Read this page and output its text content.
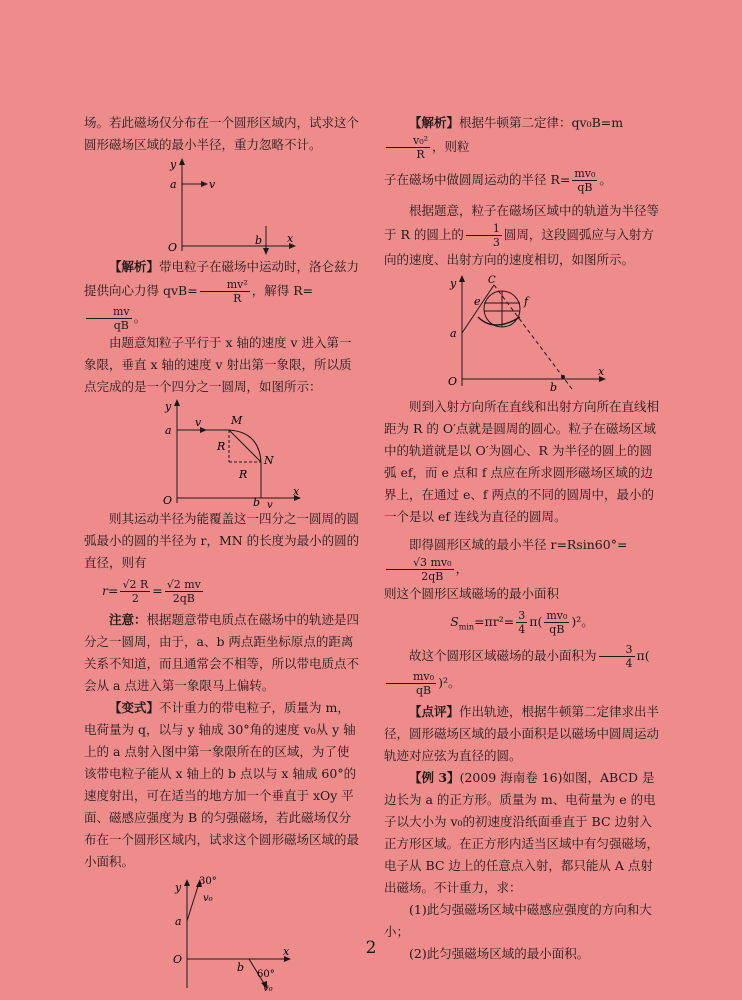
场。若此磁场仅分布在一个圆形区域内，试求这个圆形磁场区域的最小半径，重力忽略不计。

y
a	v
O
b x

【解析】带电粒子在磁场中运动时，洛仑兹力提供向心力得 $qvB= \frac{\text{mv²}}{R}$ ，解得 R=
$\frac{mv}{qB}$ 。

由题意知粒子平行于 x 轴的速度 v 进入第一象限，垂直 x 轴的速度 v 射出第一象限，所以质点完成的是一个四分之一圆周，如图所示：

y
a
v	M
R
N
R
O	b v
x

则其运动半径为能覆盖这一四分之一圆周的圆弧最小的圆的半径为 r，MN 的长度为最小的圆的直径，则有

$r= \frac{√2 R}{2} = \frac{√2 mv}{2qB}$

注意：根据题意带电质点在磁场中的轨迹是四分之一圆周，由于，a、b 两点距坐标原点的距离关系不知道，而且通常会不相等，所以带电质点不会从 a 点进入第一象限马上偏转。

【变式】不计重力的带电粒子，质量为 m，电荷量为 q，以与 y 轴成 30°角的速度 v₀从 y 轴上的 a 点射入图中第一象限所在的区域，为了使该带电粒子能从 x 轴上的 b 点以与 x 轴成 60°的速度射出，可在适当的地方加一个垂直于 xOy 平面、磁感应强度为 B 的匀强磁场，若此磁场仅分布在一个圆形区域内，试求这个圆形磁场区域的最小面积。

y 30°
v₀
a
O
b
x
60°
v₀

【解析】根据牛顿第二定律：qv₀B=m
$\frac{\text{v₀²}}{R}$ ，则粒

子在磁场中做圆周运动的半径 $R= \frac{\text{mv₀}}{qB}$ 。

根据题意，粒子在磁场区域中的轨道为半径等于 R 的圆上的 $\frac{1}{3}$ 圆周，这段圆弧应与入射方向的速度、出射方向的速度相切，如图所示。

y	C
e	f
a
O	b
x

则到入射方向所在直线和出射方向所在直线相距为 R 的 O′点就是圆周的圆心。粒子在磁场区域中的轨道就是以 O′为圆心、R 为半径的圆上的圆弧 ef，而 e 点和 f 点应在所求圆形磁场区域的边界上，在通过 e、f 两点的不同的圆周中，最小的一个是以 ef 连线为直径的圆周。

即得圆形区域的最小半径 r=Rsin60°=
$\frac{\text{√3 mv₀}}{2qB}$ ，

则这个圆形区域磁场的最小面积

$S_{min}=\pi r^2= \frac{3}{4} \pi( \frac{\text{mv₀}}{qB} )^2$。

故这个圆形区域磁场的最小面积为 $\frac{3}{4} \pi$(
$\frac{\text{mv₀}}{qB} )^2$。

【点评】作出轨迹，根据牛顿第二定律求出半径，圆形磁场区域的最小面积是以磁场中圆周运动轨迹对应弦为直径的圆。

【例 3】(2009 海南卷 16)如图，ABCD 是边长为 a 的正方形。质量为 m、电荷量为 e 的电子以大小为 v₀的初速度沿纸面垂直于 BC 边射入正方形区域。在正方形内适当区域中有匀强磁场，电子从 BC 边上的任意点入射，都只能从 A 点射出磁场。不计重力，求：

(1)此匀强磁场区域中磁感应强度的方向和大小；

(2)此匀强磁场区域的最小面积。

2
